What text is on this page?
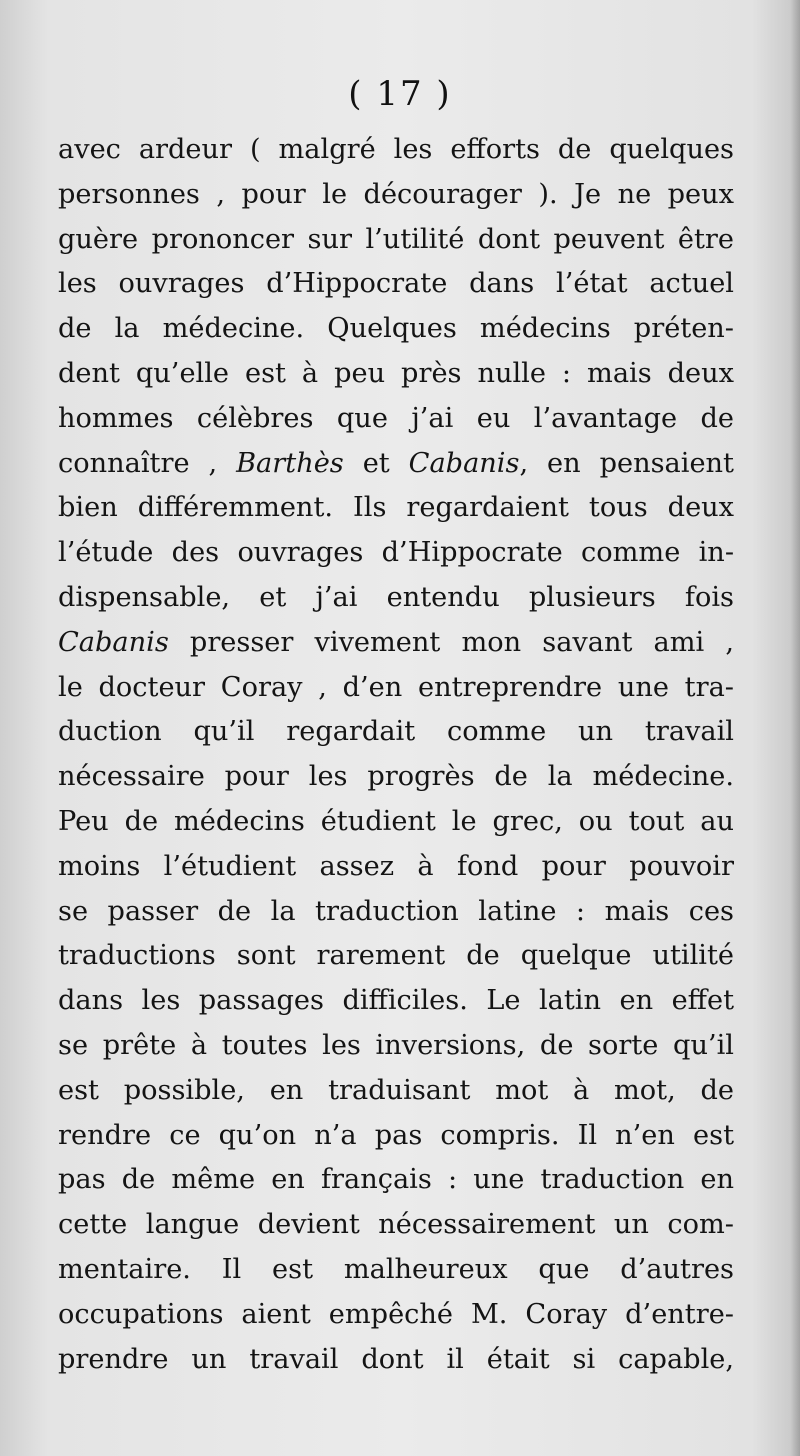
( 17 )
avec ardeur ( malgré les efforts de quelques
personnes , pour le décourager ). Je ne peux
guère prononcer sur l’utilité dont peuvent être
les ouvrages d’Hippocrate dans l’état actuel
de la médecine. Quelques médecins préten-
dent qu’elle est à peu près nulle : mais deux
hommes célèbres que j’ai eu l’avantage de
connaître , Barthès et Cabanis, en pensaient
bien différemment. Ils regardaient tous deux
l’étude des ouvrages d’Hippocrate comme in-
dispensable, et j’ai entendu plusieurs fois
Cabanis presser vivement mon savant ami ,
le docteur Coray , d’en entreprendre une tra-
duction qu’il regardait comme un travail
nécessaire pour les progrès de la médecine.
Peu de médecins étudient le grec, ou tout au
moins l’étudient assez à fond pour pouvoir
se passer de la traduction latine : mais ces
traductions sont rarement de quelque utilité
dans les passages difficiles. Le latin en effet
se prête à toutes les inversions, de sorte qu’il
est possible, en traduisant mot à mot, de
rendre ce qu’on n’a pas compris. Il n’en est
pas de même en français : une traduction en
cette langue devient nécessairement un com-
mentaire. Il est malheureux que d’autres
occupations aient empêché M. Coray d’entre-
prendre un travail dont il était si capable,
